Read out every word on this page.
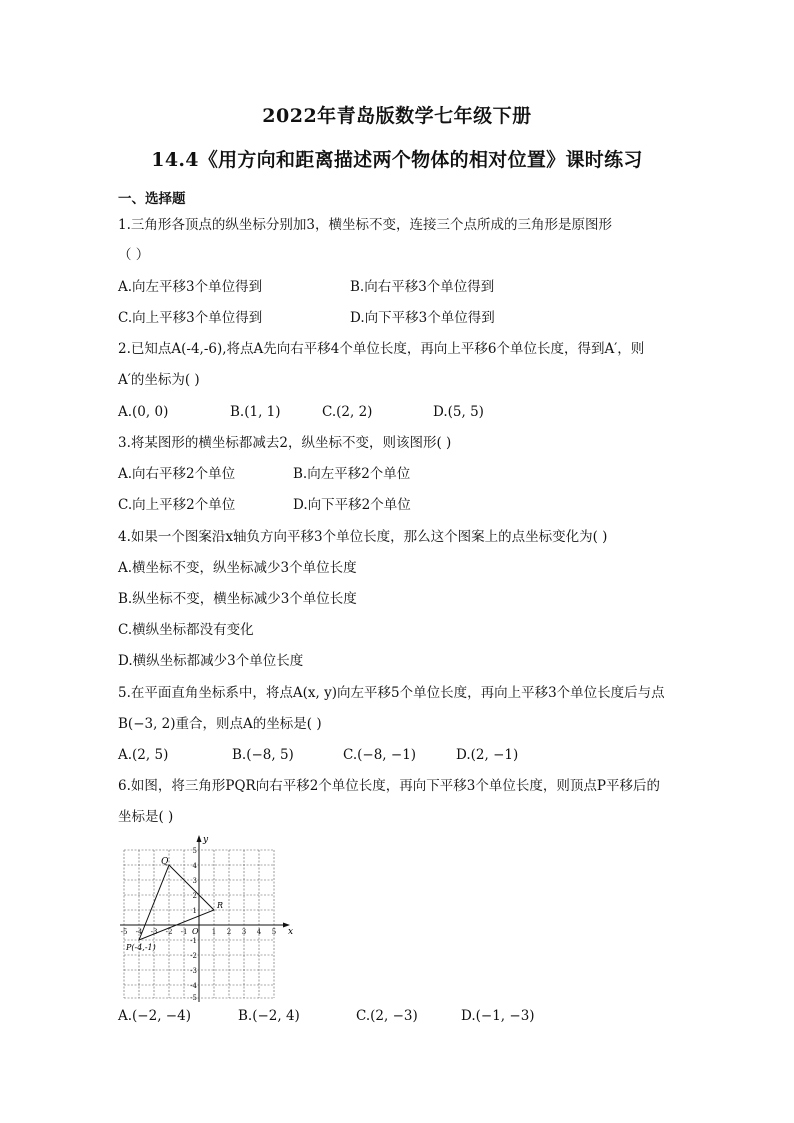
2022年青岛版数学七年级下册
14.4《用方向和距离描述两个物体的相对位置》课时练习
一、选择题
1.三角形各顶点的纵坐标分别加3，横坐标不变，连接三个点所成的三角形是原图形
（ ）
A.向左平移3个单位得到	B.向右平移3个单位得到
C.向上平移3个单位得到	D.向下平移3个单位得到
2.已知点A(-4,-6),将点A先向右平移4个单位长度，再向上平移6个单位长度，得到A′，则
A′的坐标为( )
A.(0, 0)	B.(1, 1)	C.(2, 2)	D.(5, 5)
3.将某图形的横坐标都减去2，纵坐标不变，则该图形( )
A.向右平移2个单位	B.向左平移2个单位
C.向上平移2个单位	D.向下平移2个单位
4.如果一个图案沿x轴负方向平移3个单位长度，那么这个图案上的点坐标变化为( )
A.横坐标不变，纵坐标减少3个单位长度
B.纵坐标不变，横坐标减少3个单位长度
C.横纵坐标都没有变化
D.横纵坐标都减少3个单位长度
5.在平面直角坐标系中，将点A(x, y)向左平移5个单位长度，再向上平移3个单位长度后与点
B(−3, 2)重合，则点A的坐标是( )
A.(2, 5)	B.(−8, 5)	C.(−8, −1)	D.(2, −1)
6.如图，将三角形PQR向右平移2个单位长度，再向下平移3个单位长度，则顶点P平移后的
坐标是( )
x
y
O
-5 -4 -3 -2 -1	1 2 3 4 5
5
4
3
2
1
-1
-2
-3
-4
-5
Q
R
P(-4,-1)
A.(−2, −4)	B.(−2, 4)	C.(2, −3)	D.(−1, −3)
